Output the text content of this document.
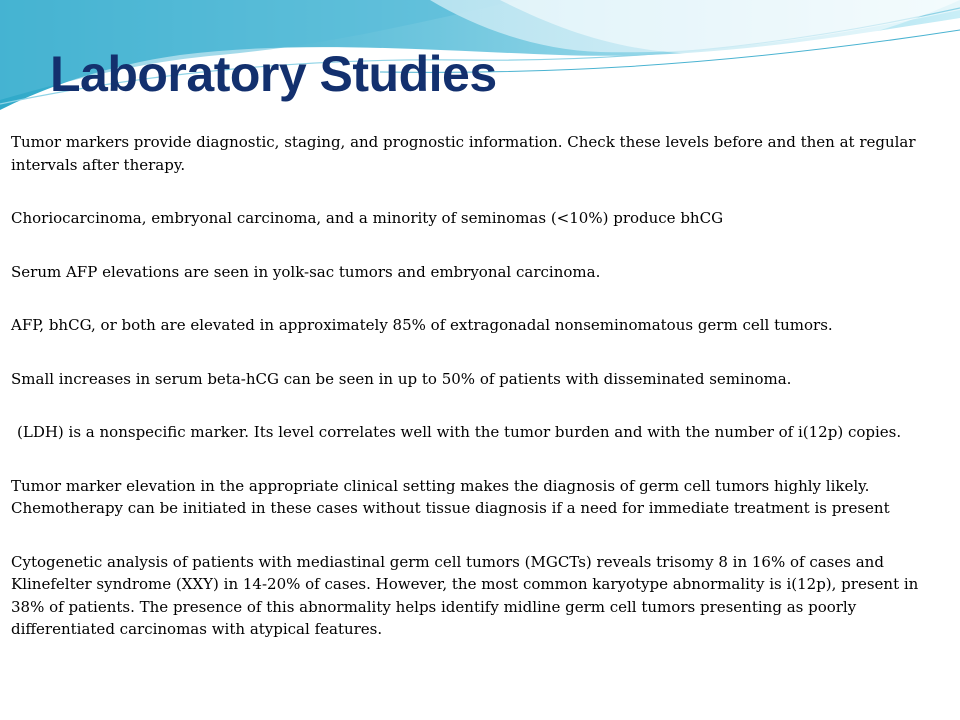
Laboratory Studies

Tumor markers provide diagnostic, staging, and prognostic information. Check these levels before and then at regular intervals after therapy.

Choriocarcinoma, embryonal carcinoma, and a minority of seminomas (<10%) produce bhCG

Serum AFP elevations are seen in yolk-sac tumors and embryonal carcinoma.

AFP, bhCG, or both are elevated in approximately 85% of extragonadal nonseminomatous germ cell tumors.

Small increases in serum beta-hCG can be seen in up to 50% of patients with disseminated seminoma.

(LDH) is a nonspecific marker. Its level correlates well with the tumor burden and with the number of i(12p) copies.

Tumor marker elevation in the appropriate clinical setting makes the diagnosis of germ cell tumors highly likely. Chemotherapy can be initiated in these cases without tissue diagnosis if a need for immediate treatment is present

Cytogenetic analysis of patients with mediastinal germ cell tumors (MGCTs) reveals trisomy 8 in 16% of cases and Klinefelter syndrome (XXY) in 14-20% of cases. However, the most common karyotype abnormality is i(12p), present in 38% of patients. The presence of this abnormality helps identify midline germ cell tumors presenting as poorly differentiated carcinomas with atypical features.
